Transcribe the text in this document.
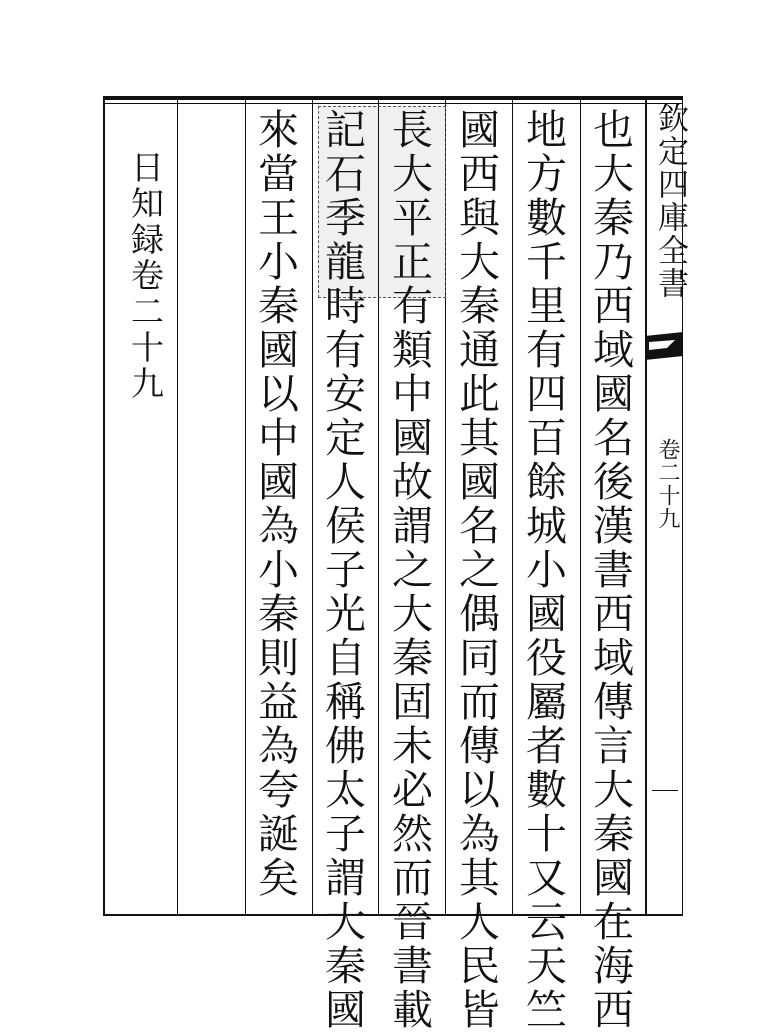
日知録卷二十九	也大秦乃西域國名後漢書西域傳言大秦國在海西
地方數千里有四百餘城小國役屬者數十又云天竺
國西與大秦通此其國名之偶同而傳以為其人民皆
長大平正有類中國故謂之大秦固未必然而晉書載
記石季龍時有安定人侯子光自稱佛太子謂大秦國
來當王小秦國以中國為小秦則益為夸誕矣	欽定四庫全書
卷二十九
